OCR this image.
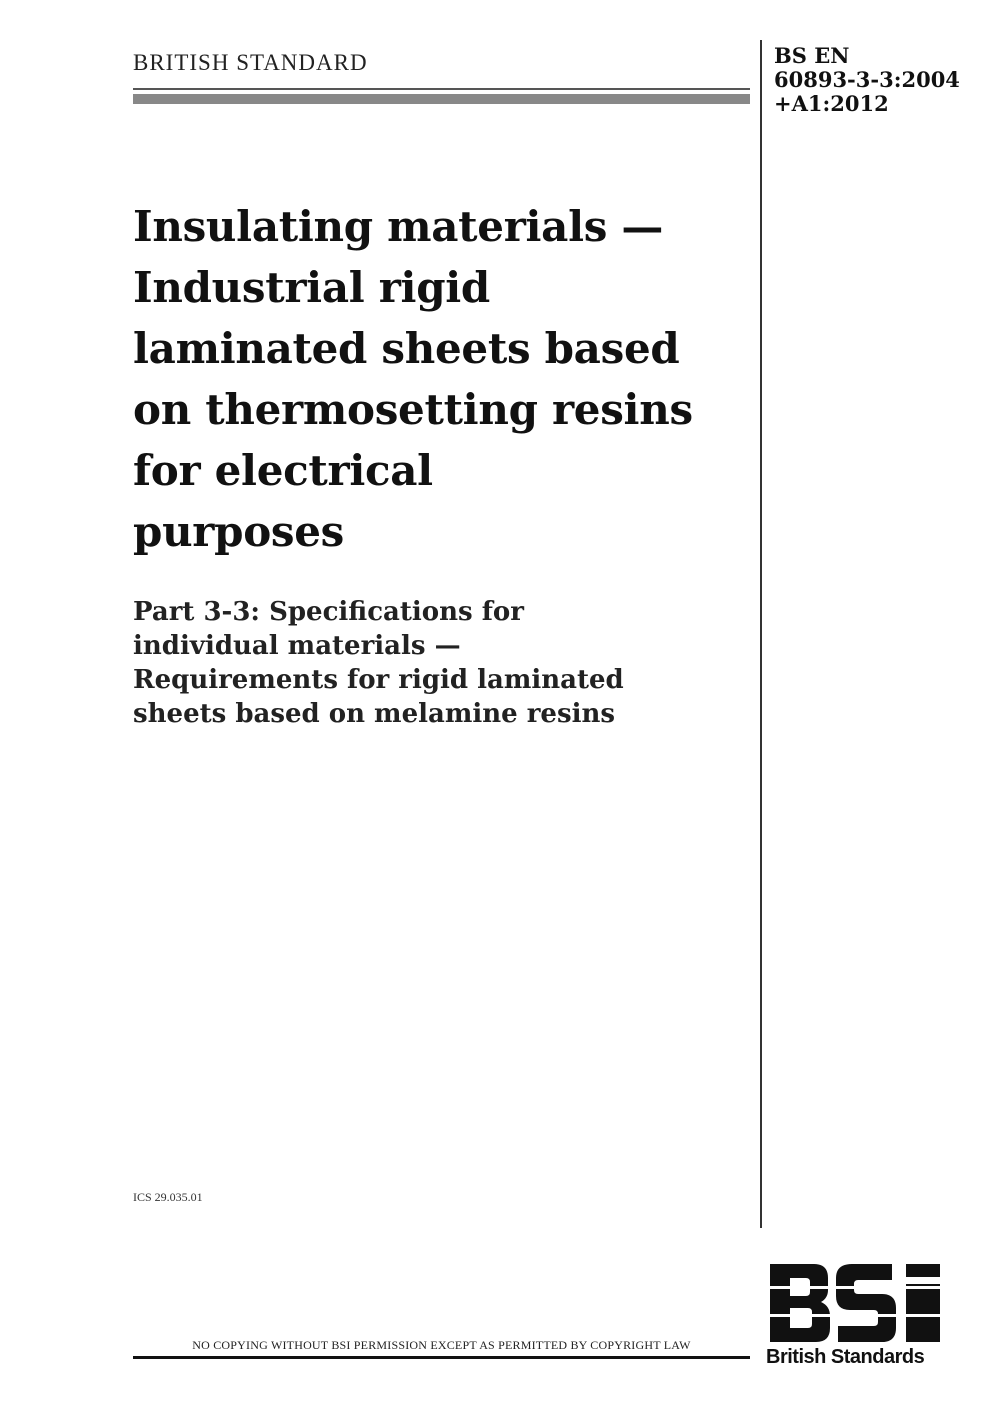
BRITISH STANDARD	BS EN
60893-3-3:2004
+A1:2012
Insulating materials —
Industrial rigid
laminated sheets based
on thermosetting resins
for electrical
purposes
Part 3-3: Specifications for
individual materials —
Requirements for rigid laminated
sheets based on melamine resins
ICS 29.035.01
NO COPYING WITHOUT BSI PERMISSION EXCEPT AS PERMITTED BY COPYRIGHT LAW
British Standards
